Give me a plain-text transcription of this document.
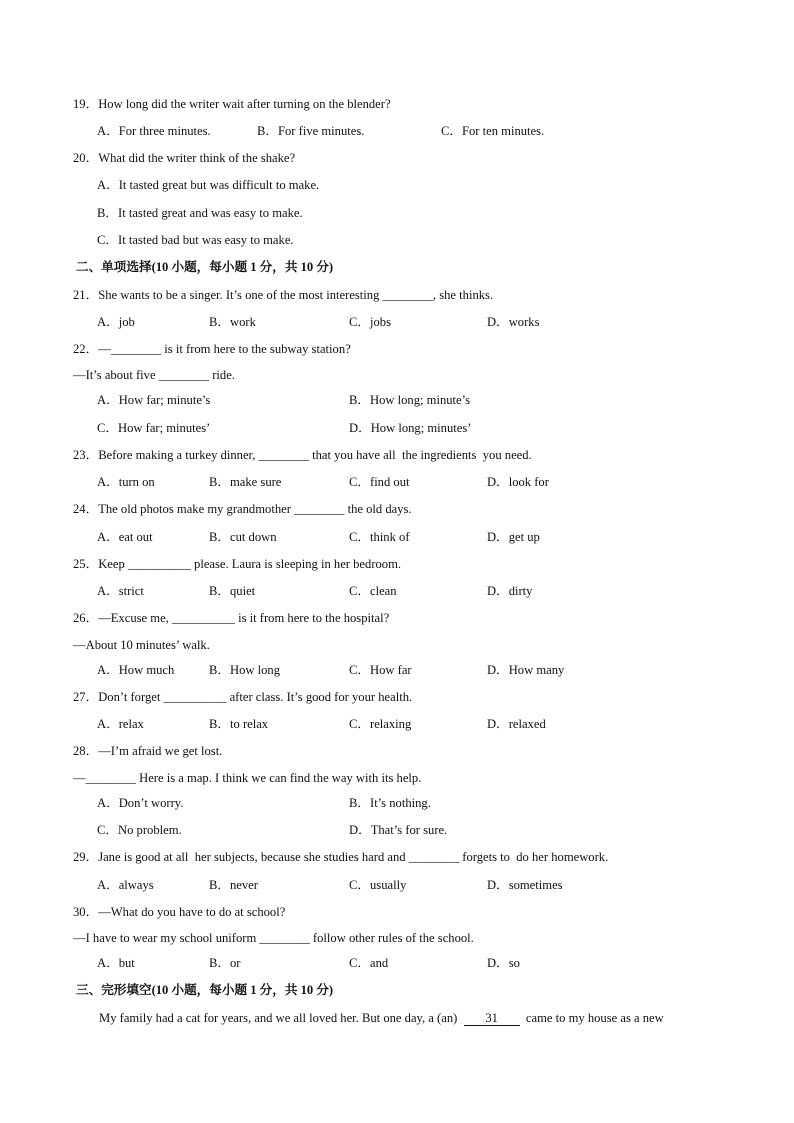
19．How long did the writer wait after turning on the blender?
A．For three minutes.	B．For five minutes.	C．For ten minutes.
20．What did the writer think of the shake?
A．It tasted great but was difficult to make.
B．It tasted great and was easy to make.
C．It tasted bad but was easy to make.
二、单项选择(10 小题，每小题 1 分，共 10 分)
21．She wants to be a singer. It’s one of the most interesting ________, she thinks.
A．job	B．work	C．jobs	D．works
22．—________ is it from here to the subway station?
—It’s about five ________ ride.
A．How far; minute’s	B．How long; minute’s
C．How far; minutes’	D．How long; minutes’
23．Before making a turkey dinner, ________ that you have all  the ingredients  you need.
A．turn on	B．make sure	C．find out	D．look for
24．The old photos make my grandmother ________ the old days.
A．eat out	B．cut down	C．think of	D．get up
25．Keep __________ please. Laura is sleeping in her bedroom.
A．strict	B．quiet	C．clean	D．dirty
26．—Excuse me, __________ is it from here to the hospital?
—About 10 minutes’ walk.
A．How much	B．How long	C．How far	D．How many
27．Don’t forget __________ after class. It’s good for your health.
A．relax	B．to relax	C．relaxing	D．relaxed
28．—I’m afraid we get lost.
—________ Here is a map. I think we can find the way with its help.
A．Don’t worry.	B．It’s nothing.
C．No problem.	D．That’s for sure.
29．Jane is good at all  her subjects, because she studies hard and ________ forgets to  do her homework.
A．always	B．never	C．usually	D．sometimes
30．—What do you have to do at school?
—I have to wear my school uniform ________ follow other rules of the school.
A．but	B．or	C．and	D．so
三、完形填空(10 小题，每小题 1 分，共 10 分)
My family had a cat for years, and we all loved her. But one day, a (an)  31  came to my house as a new
